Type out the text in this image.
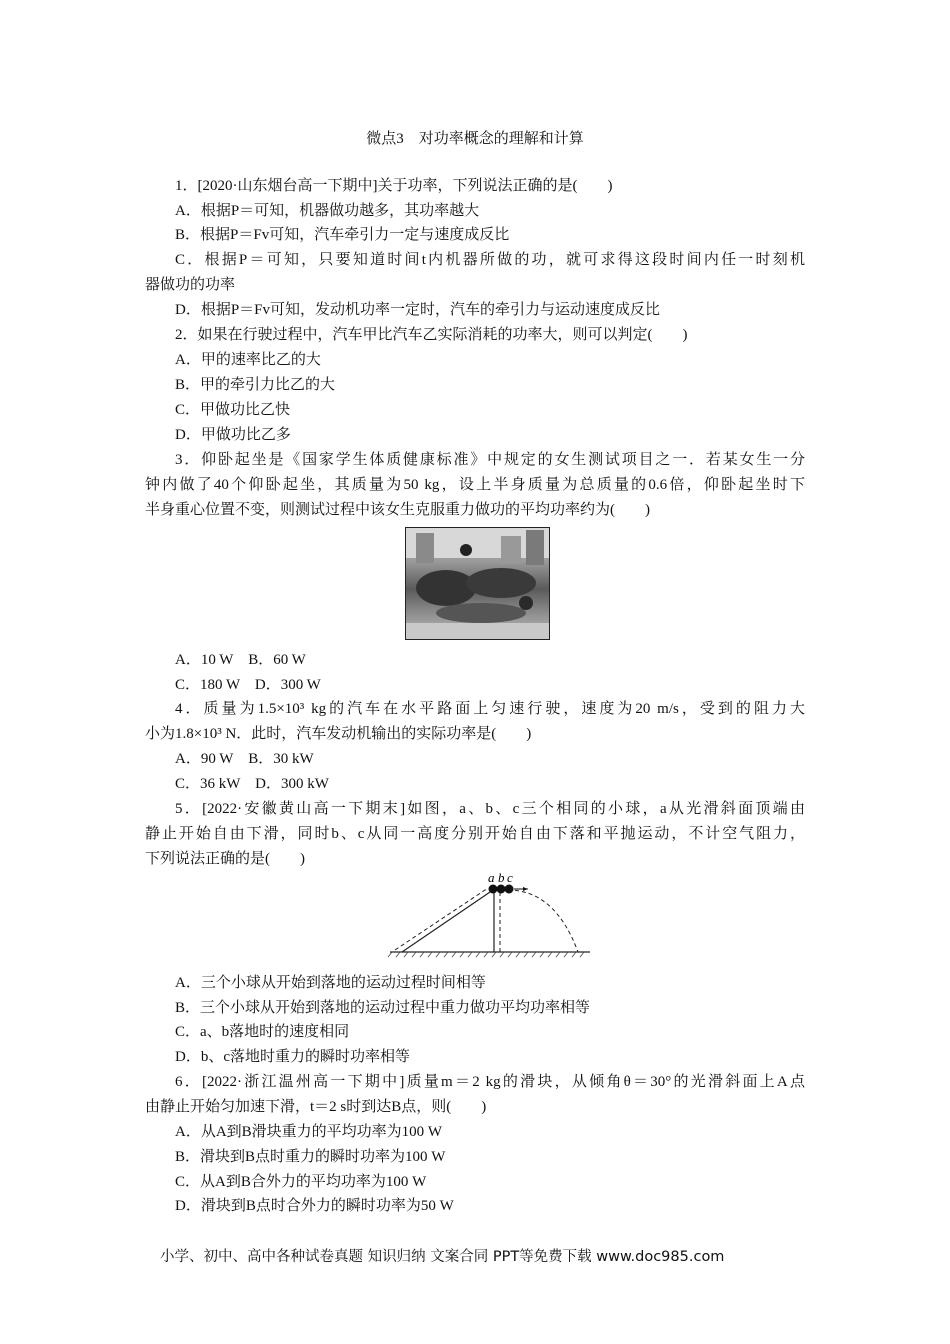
微点3　对功率概念的理解和计算
1．[2020·山东烟台高一下期中]关于功率，下列说法正确的是(　　)
A．根据P＝可知，机器做功越多，其功率越大
B．根据P＝Fv可知，汽车牵引力一定与速度成反比
C．根据P＝可知，只要知道时间t内机器所做的功，就可求得这段时间内任一时刻机
器做功的功率
D．根据P＝Fv可知，发动机功率一定时，汽车的牵引力与运动速度成反比
2．如果在行驶过程中，汽车甲比汽车乙实际消耗的功率大，则可以判定(　　)
A．甲的速率比乙的大
B．甲的牵引力比乙的大
C．甲做功比乙快
D．甲做功比乙多
3．仰卧起坐是《国家学生体质健康标准》中规定的女生测试项目之一．若某女生一分
钟内做了40个仰卧起坐，其质量为50 kg，设上半身质量为总质量的0.6倍，仰卧起坐时下
半身重心位置不变，则测试过程中该女生克服重力做功的平均功率约为(　　)
A．10 W　B．60 W
C．180 W　D．300 W
4．质量为1.5×10³ kg的汽车在水平路面上匀速行驶，速度为20 m/s，受到的阻力大
小为1.8×10³ N．此时，汽车发动机输出的实际功率是(　　)
A．90 W　B．30 kW
C．36 kW　D．300 kW
5．[2022·安徽黄山高一下期末]如图，a、b、c三个相同的小球，a从光滑斜面顶端由
静止开始自由下滑，同时b、c从同一高度分别开始自由下落和平抛运动，不计空气阻力，
下列说法正确的是(　　)
A．三个小球从开始到落地的运动过程时间相等
B．三个小球从开始到落地的运动过程中重力做功平均功率相等
C．a、b落地时的速度相同
D．b、c落地时重力的瞬时功率相等
6．[2022·浙江温州高一下期中]质量m＝2 kg的滑块，从倾角θ＝30°的光滑斜面上A点
由静止开始匀加速下滑，t＝2 s时到达B点，则(　　)
A．从A到B滑块重力的平均功率为100 W
B．滑块到B点时重力的瞬时功率为100 W
C．从A到B合外力的平均功率为100 W
D．滑块到B点时合外力的瞬时功率为50 W
a b c
小学、初中、高中各种试卷真题 知识归纳 文案合同 PPT等免费下载 www.doc985.com
